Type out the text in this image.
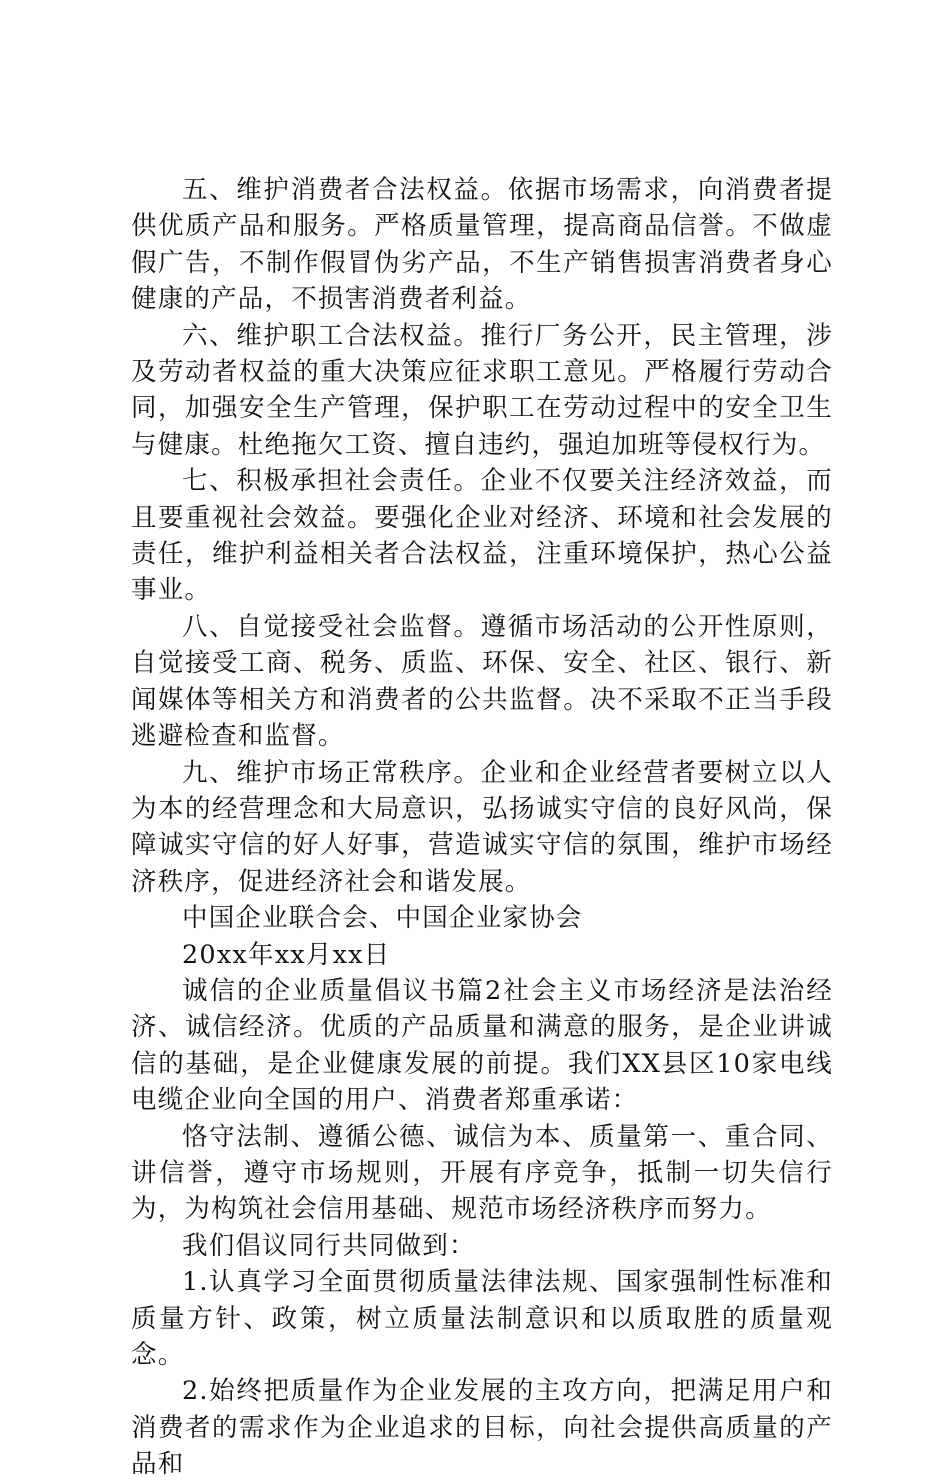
五、维护消费者合法权益。依据市场需求，向消费者提供优质产品和服务。严格质量管理，提高商品信誉。不做虚假广告，不制作假冒伪劣产品，不生产销售损害消费者身心健康的产品，不损害消费者利益。

六、维护职工合法权益。推行厂务公开，民主管理，涉及劳动者权益的重大决策应征求职工意见。严格履行劳动合同，加强安全生产管理，保护职工在劳动过程中的安全卫生与健康。杜绝拖欠工资、擅自违约，强迫加班等侵权行为。

七、积极承担社会责任。企业不仅要关注经济效益，而且要重视社会效益。要强化企业对经济、环境和社会发展的责任，维护利益相关者合法权益，注重环境保护，热心公益事业。

八、自觉接受社会监督。遵循市场活动的公开性原则，自觉接受工商、税务、质监、环保、安全、社区、银行、新闻媒体等相关方和消费者的公共监督。决不采取不正当手段逃避检查和监督。

九、维护市场正常秩序。企业和企业经营者要树立以人为本的经营理念和大局意识，弘扬诚实守信的良好风尚，保障诚实守信的好人好事，营造诚实守信的氛围，维护市场经济秩序，促进经济社会和谐发展。

中国企业联合会、中国企业家协会

20xx年xx月xx日

诚信的企业质量倡议书篇2社会主义市场经济是法治经济、诚信经济。优质的产品质量和满意的服务，是企业讲诚信的基础，是企业健康发展的前提。我们XX县区10家电线电缆企业向全国的用户、消费者郑重承诺：

恪守法制、遵循公德、诚信为本、质量第一、重合同、讲信誉，遵守市场规则，开展有序竞争，抵制一切失信行为，为构筑社会信用基础、规范市场经济秩序而努力。

我们倡议同行共同做到：

1.认真学习全面贯彻质量法律法规、国家强制性标准和质量方针、政策，树立质量法制意识和以质取胜的质量观念。

2.始终把质量作为企业发展的主攻方向，把满足用户和消费者的需求作为企业追求的目标，向社会提供高质量的产品和
